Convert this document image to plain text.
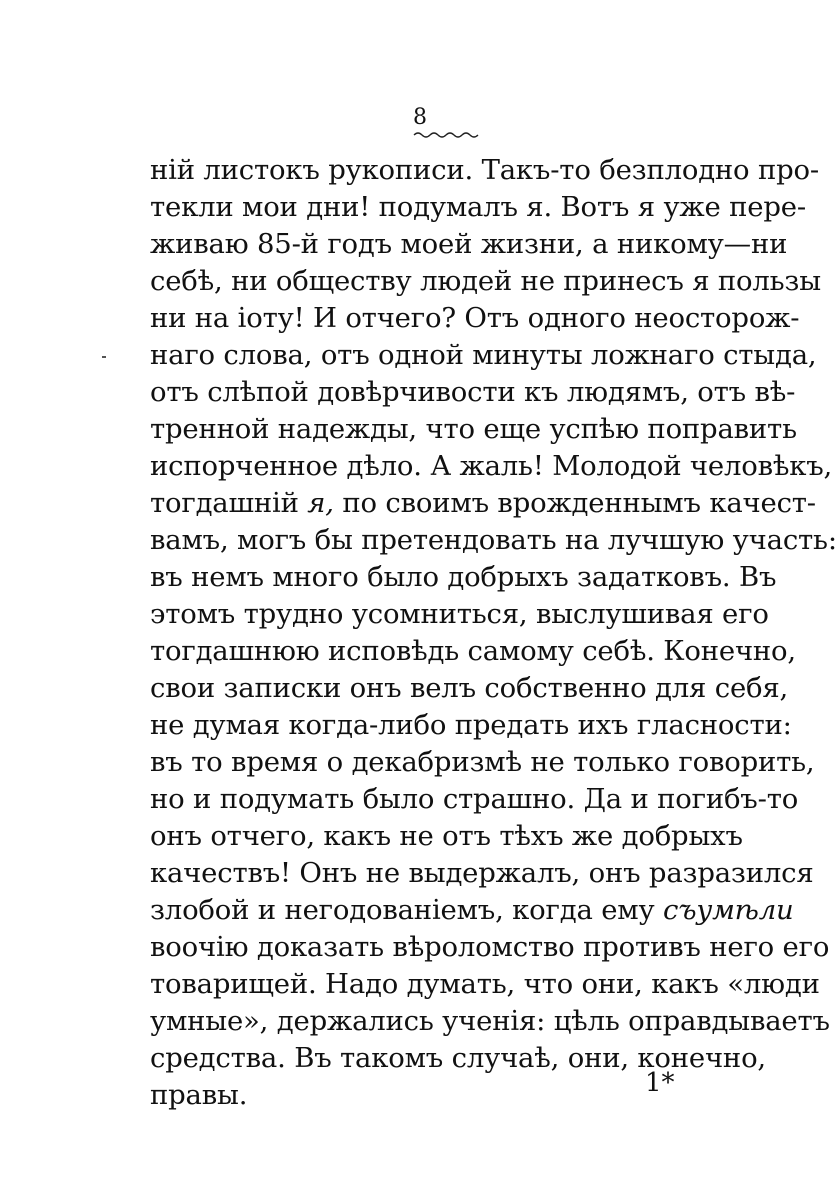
8
ній листокъ рукописи. Такъ-то безплодно про-
текли мои дни! подумалъ я. Вотъ я уже пере-
живаю 85-й годъ моей жизни, а никому—ни
себѣ, ни обществу людей не принесъ я пользы
ни на іоту! И отчего? Отъ одного неосторож-
наго слова, отъ одной минуты ложнаго стыда,
отъ слѣпой довѣрчивости къ людямъ, отъ вѣ-
тренной надежды, что еще успѣю поправить
испорченное дѣло. А жаль! Молодой человѣкъ,
тогдашній я, по своимъ врожденнымъ качест-
вамъ, могъ бы претендовать на лучшую участь:
въ немъ много было добрыхъ задатковъ. Въ
этомъ трудно усомниться, выслушивая его
тогдашнюю исповѣдь самому себѣ. Конечно,
свои записки онъ велъ собственно для себя,
не думая когда-либо предать ихъ гласности:
въ то время о декабризмѣ не только говорить,
но и подумать было страшно. Да и погибъ-то
онъ отчего, какъ не отъ тѣхъ же добрыхъ
качествъ! Онъ не выдержалъ, онъ разразился
злобой и негодованіемъ, когда ему съумѣли
воочію доказать вѣроломство противъ него его
товарищей. Надо думать, что они, какъ «люди
умные», держались ученія: цѣль оправдываетъ
средства. Въ такомъ случаѣ, они, конечно,
правы.	1*
